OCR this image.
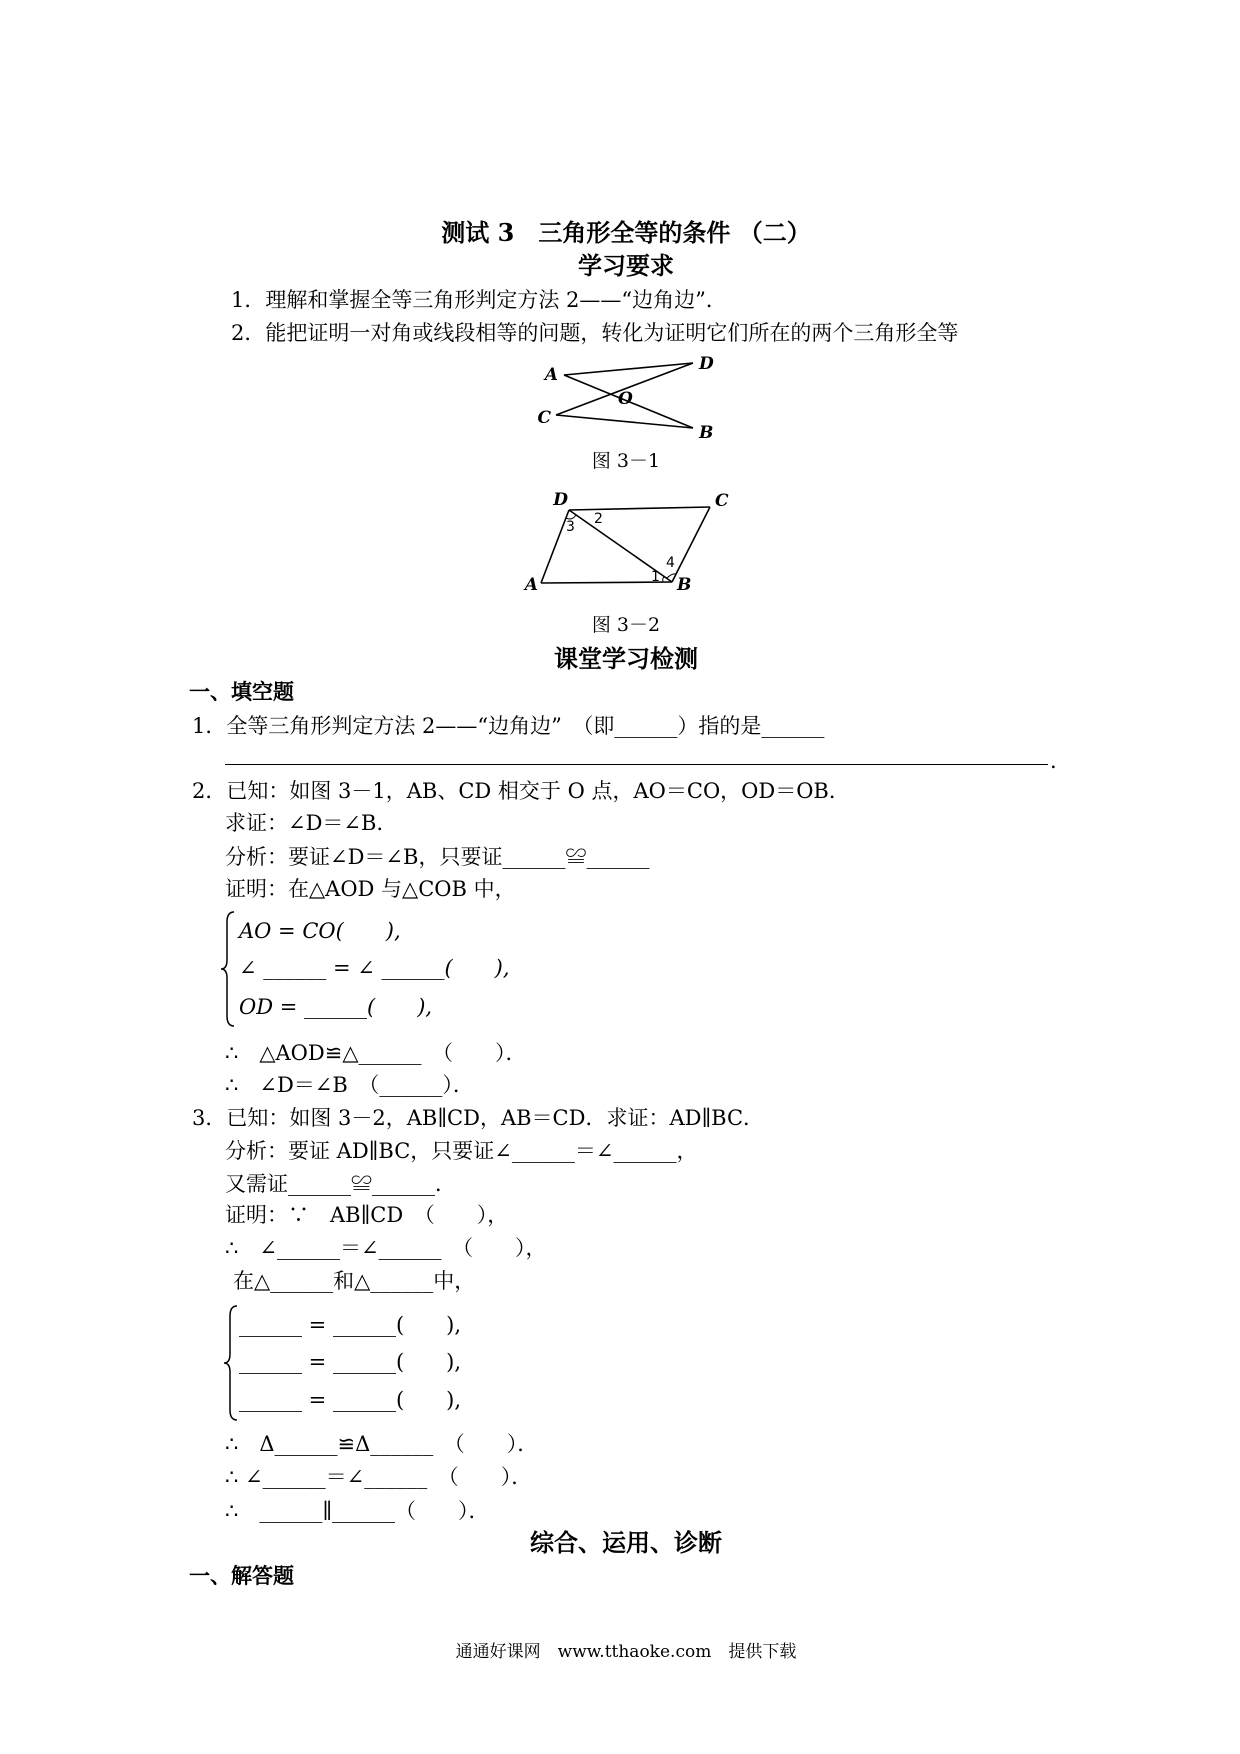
测试 3　三角形全等的条件 （二）
学习要求
1．理解和掌握全等三角形判定方法 2——“边角边”．
2．能把证明一对角或线段相等的问题，转化为证明它们所在的两个三角形全等
A
D
C
B
O
图 3－1
D	C
A	B
3 2
4
1
图 3－2
课堂学习检测
一、填空题
1．全等三角形判定方法 2——“边角边”　（即______）指的是______
.
2．已知：如图 3－1，AB、CD 相交于 O 点，AO＝CO，OD＝OB．
求证：∠D＝∠B．
分析：要证∠D＝∠B，只要证______≌______
证明：在△AOD 与△COB 中，
AO = CO(　　),
∠ ______ = ∠ ______(　　),
OD = ______(　　),
∴　△AOD≌△______　（　　）．
∴　∠D＝∠B　（______）．
3．已知：如图 3－2，AB∥CD，AB＝CD．求证：AD∥BC．
分析：要证 AD∥BC，只要证∠______＝∠______，
又需证______≌______．
证明：∵　AB∥CD　（　　），
∴　∠______＝∠______　（　　），
在△______和△______中，
______ = ______(　　),
______ = ______(　　),
______ = ______(　　),
∴　Δ______≌Δ______　（　　）．
∴ ∠______＝∠______　（　　）．
∴　______∥______（　　）．
综合、运用、诊断
一、解答题
通通好课网　www.tthaoke.com　提供下载
